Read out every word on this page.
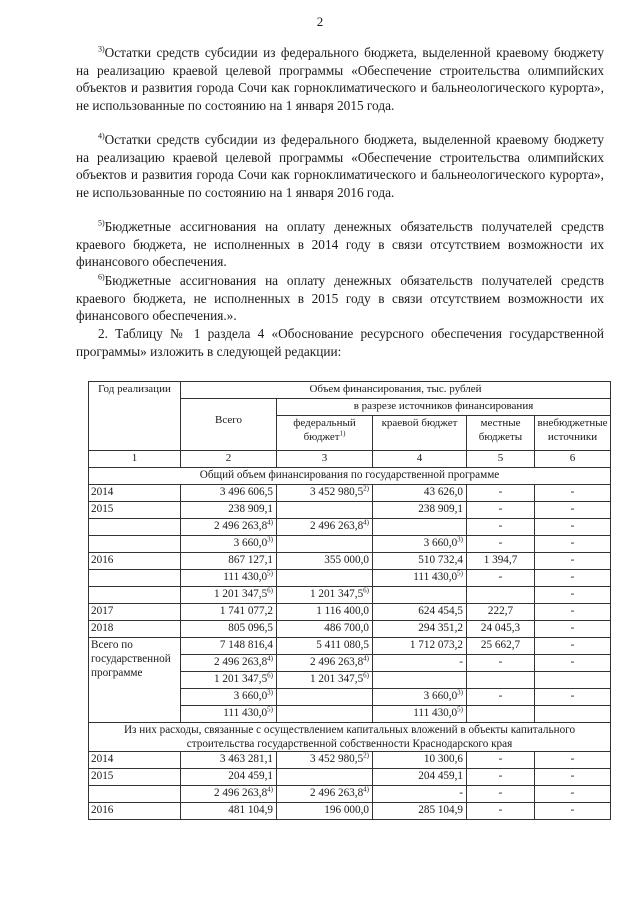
2

$^{3)}$Остатки средств субсидии из федерального бюджета, выделенной краевому бюджету на реализацию краевой целевой программы «Обеспечение строительства олимпийских объектов и развития города Сочи как горноклиматического и бальнеологического курорта», не использованные по состоянию на 1 января 2015 года.

$^{4)}$Остатки средств субсидии из федерального бюджета, выделенной краевому бюджету на реализацию краевой целевой программы «Обеспечение строительства олимпийских объектов и развития города Сочи как горноклиматического и бальнеологического курорта», не использованные по состоянию на 1 января 2016 года.

$^{5)}$Бюджетные ассигнования на оплату денежных обязательств получателей средств краевого бюджета, не исполненных в 2014 году в связи отсутствием возможности их финансового обеспечения.

$^{6)}$Бюджетные ассигнования на оплату денежных обязательств получателей средств краевого бюджета, не исполненных в 2015 году в связи отсутствием возможности их финансового обеспечения.».

2. Таблицу № 1 раздела 4 «Обоснование ресурсного обеспечения государственной программы» изложить в следующей редакции:

Год реализации	Объем финансирования, тыс. рублей				
	Всего	в разрезе источников финансирования			
		федеральный бюджет$^{1)}$	краевой бюджет	местные бюджеты	внебюджетные источники
1	2	3	4	5	6
Общий объем финансирования по государственной программе					
2014	3 496 606,5	3 452 980,5$^{2)}$	43 626,0	-	-
2015	238 909,1		238 909,1	-	-
	2 496 263,8$^{4)}$	2 496 263,8$^{4)}$		-	-
	3 660,0$^{3)}$		3 660,0$^{3)}$	-	-
2016	867 127,1	355 000,0	510 732,4	1 394,7	-
	111 430,0$^{5)}$		111 430,0$^{5)}$	-	-
	1 201 347,5$^{6)}$	1 201 347,5$^{6)}$			-
2017	1 741 077,2	1 116 400,0	624 454,5	222,7	-
2018	805 096,5	486 700,0	294 351,2	24 045,3	-
Всего по государственной программе	7 148 816,4	5 411 080,5	1 712 073,2	25 662,7	-
	2 496 263,8$^{4)}$	2 496 263,8$^{4)}$	-	-	-
	1 201 347,5$^{6)}$	1 201 347,5$^{6)}$			
	3 660,0$^{3)}$		3 660,0$^{3)}$	-	-
	111 430,0$^{5)}$		111 430,0$^{5)}$		
Из них расходы, связанные с осуществлением капитальных вложений в объекты капитального строительства государственной собственности Краснодарского края					
2014	3 463 281,1	3 452 980,5$^{2)}$	10 300,6	-	-
2015	204 459,1		204 459,1	-	-
	2 496 263,8$^{4)}$	2 496 263,8$^{4)}$	-	-	-
2016	481 104,9	196 000,0	285 104,9	-	-
